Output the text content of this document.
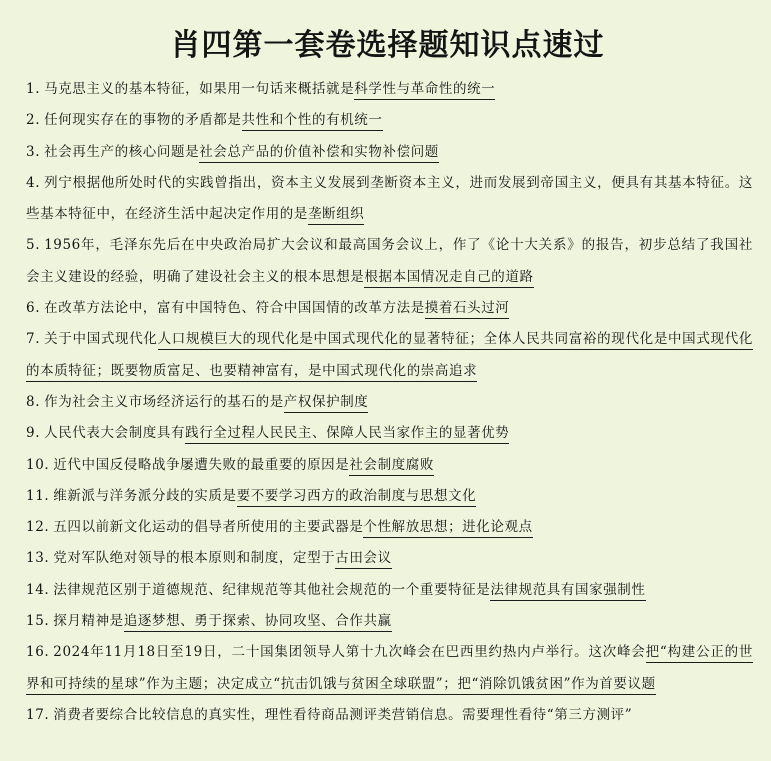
肖四第一套卷选择题知识点速过
1. 马克思主义的基本特征，如果用一句话来概括就是科学性与革命性的统一
2. 任何现实存在的事物的矛盾都是共性和个性的有机统一
3. 社会再生产的核心问题是社会总产品的价值补偿和实物补偿问题
4. 列宁根据他所处时代的实践曾指出，资本主义发展到垄断资本主义，进而发展到帝国主义，便具有其基本特征。这些基本特征中，在经济生活中起决定作用的是垄断组织
5. 1956年，毛泽东先后在中央政治局扩大会议和最高国务会议上，作了《论十大关系》的报告，初步总结了我国社会主义建设的经验，明确了建设社会主义的根本思想是根据本国情况走自己的道路
6. 在改革方法论中，富有中国特色、符合中国国情的改革方法是摸着石头过河
7. 关于中国式现代化人口规模巨大的现代化是中国式现代化的显著特征；全体人民共同富裕的现代化是中国式现代化的本质特征；既要物质富足、也要精神富有，是中国式现代化的崇高追求
8. 作为社会主义市场经济运行的基石的是产权保护制度
9. 人民代表大会制度具有践行全过程人民民主、保障人民当家作主的显著优势
10. 近代中国反侵略战争屡遭失败的最重要的原因是社会制度腐败
11. 维新派与洋务派分歧的实质是要不要学习西方的政治制度与思想文化
12. 五四以前新文化运动的倡导者所使用的主要武器是个性解放思想；进化论观点
13. 党对军队绝对领导的根本原则和制度，定型于古田会议
14. 法律规范区别于道德规范、纪律规范等其他社会规范的一个重要特征是法律规范具有国家强制性
15. 探月精神是追逐梦想、勇于探索、协同攻坚、合作共赢
16. 2024年11月18日至19日，二十国集团领导人第十九次峰会在巴西里约热内卢举行。这次峰会把“构建公正的世界和可持续的星球”作为主题；决定成立“抗击饥饿与贫困全球联盟”；把“消除饥饿贫困”作为首要议题
17. 消费者要综合比较信息的真实性，理性看待商品测评类营销信息。需要理性看待“第三方测评”
